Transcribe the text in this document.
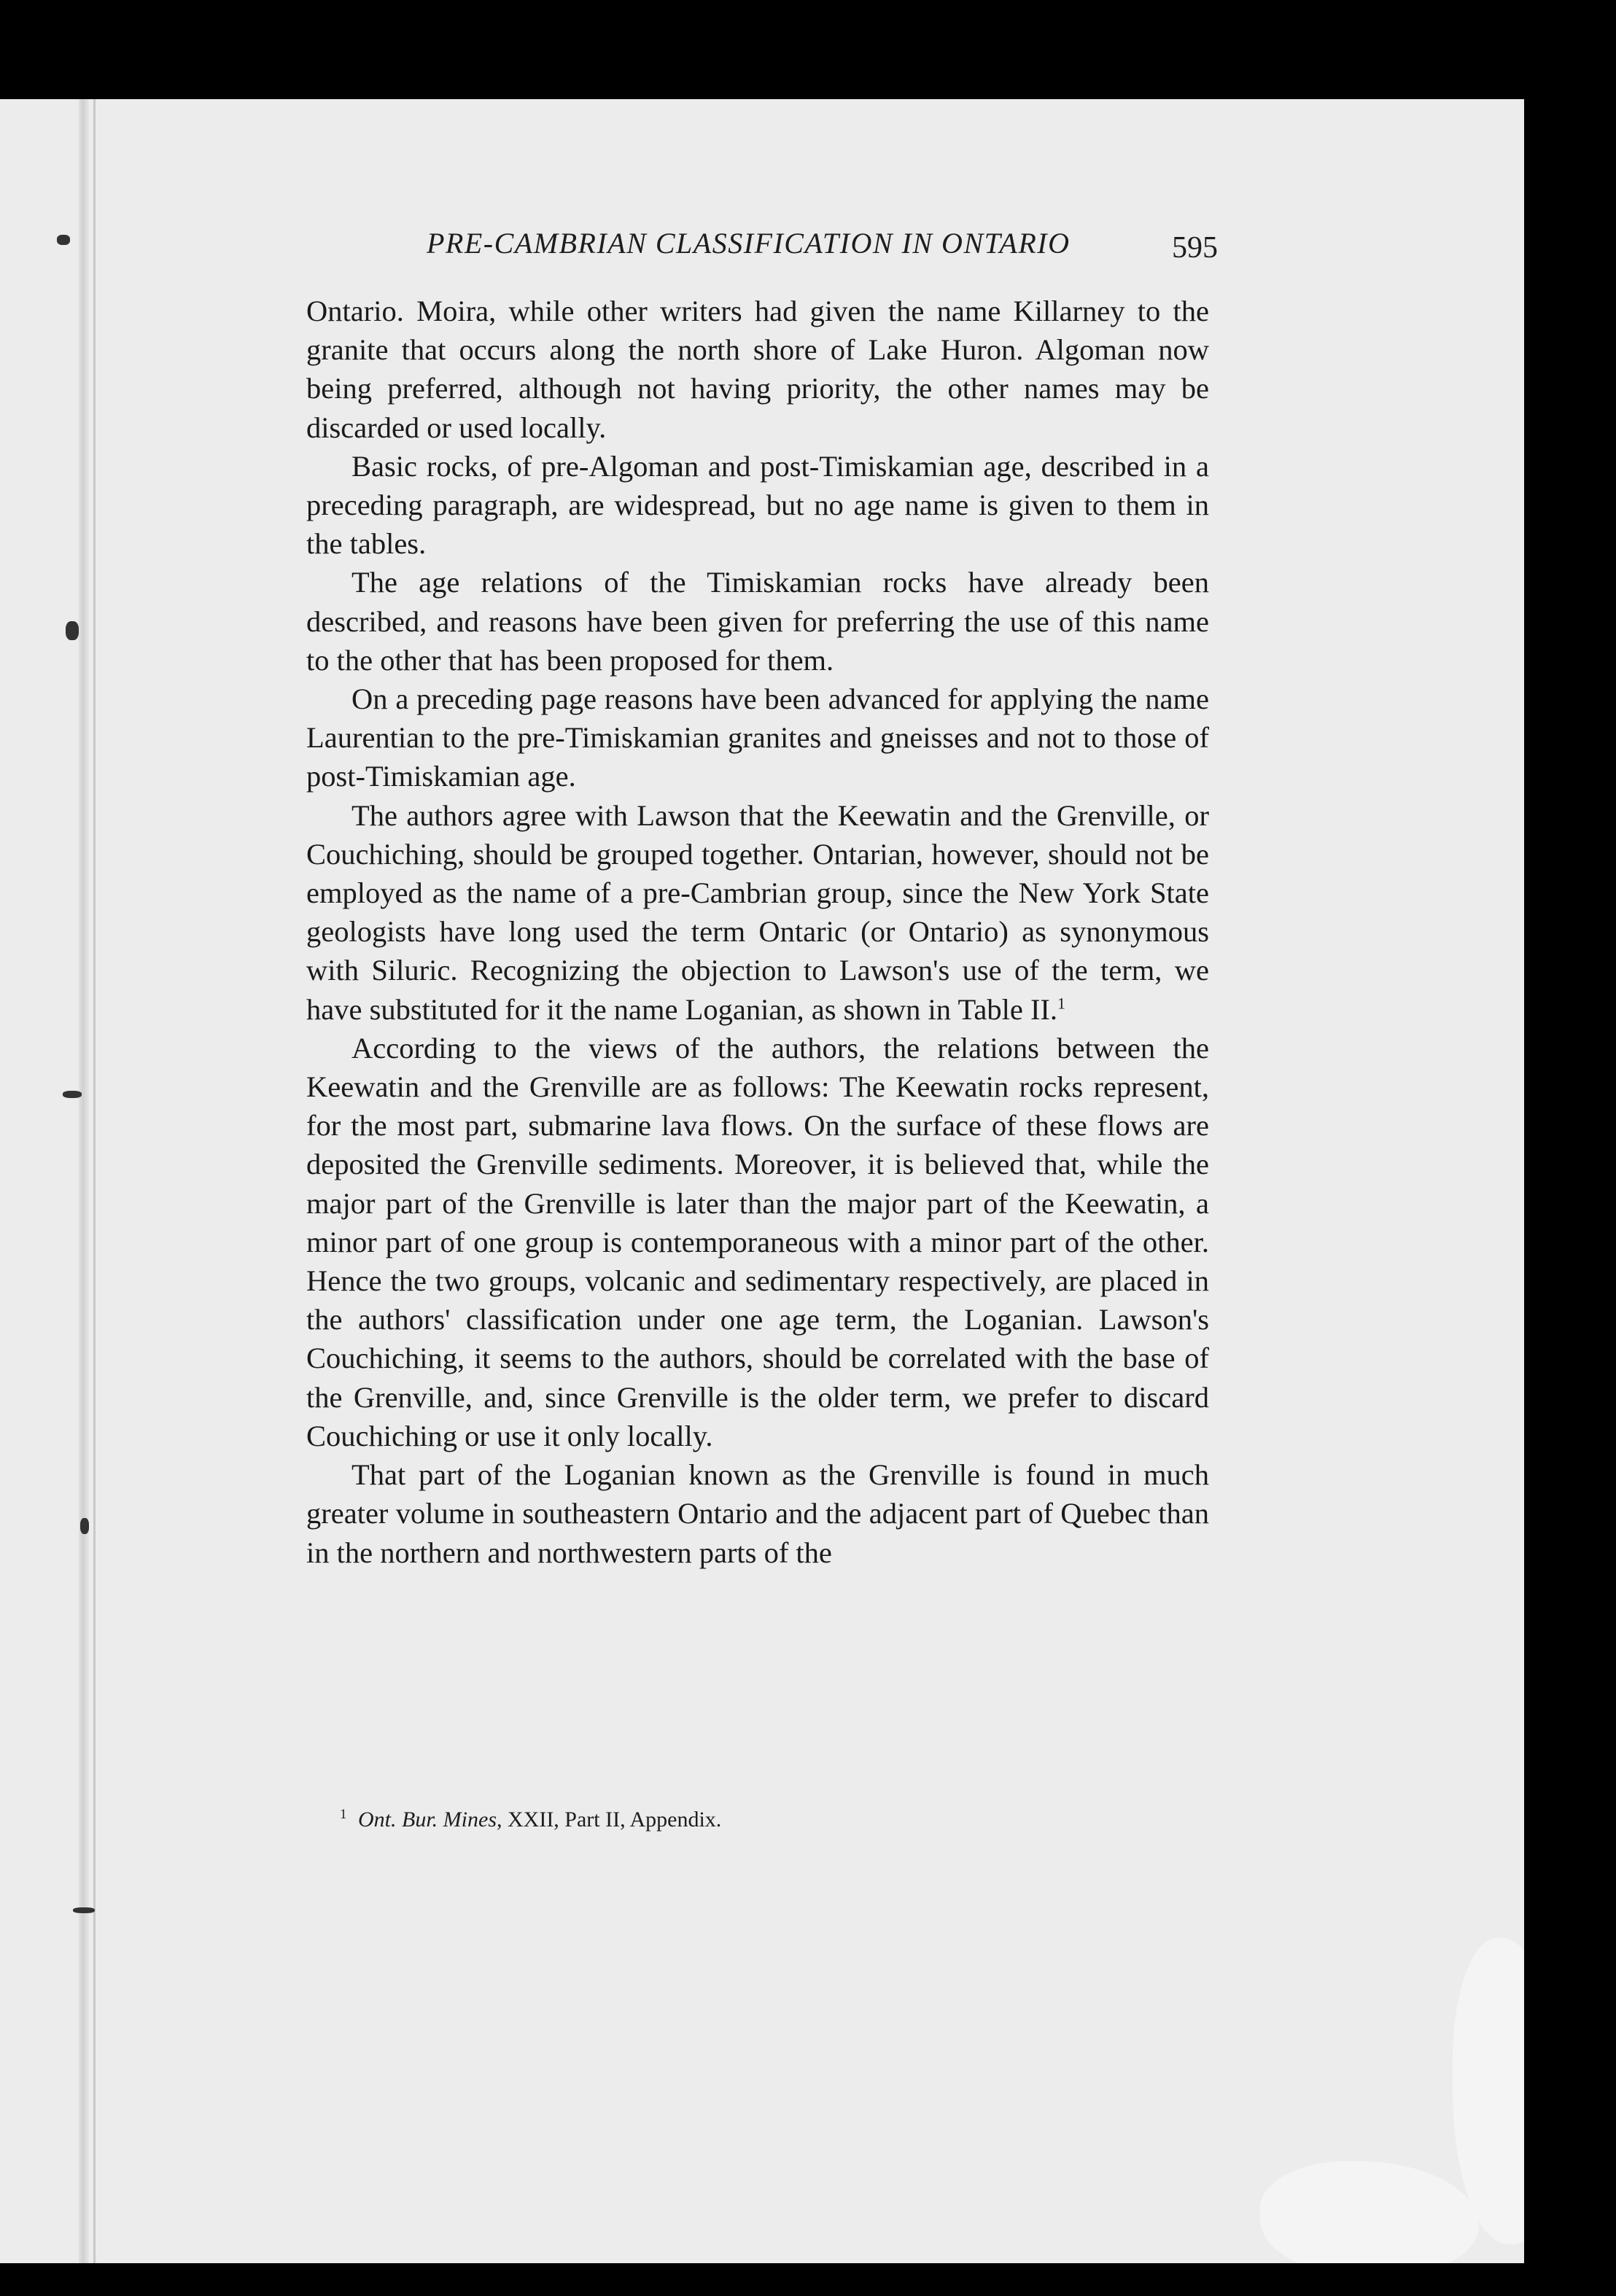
PRE-CAMBRIAN CLASSIFICATION IN ONTARIO	595

Ontario. Moira, while other writers had given the name Killarney to the granite that occurs along the north shore of Lake Huron. Algoman now being preferred, although not having priority, the other names may be discarded or used locally.

Basic rocks, of pre-Algoman and post-Timiskamian age, described in a preceding paragraph, are widespread, but no age name is given to them in the tables.

The age relations of the Timiskamian rocks have already been described, and reasons have been given for preferring the use of this name to the other that has been proposed for them.

On a preceding page reasons have been advanced for applying the name Laurentian to the pre-Timiskamian granites and gneisses and not to those of post-Timiskamian age.

The authors agree with Lawson that the Keewatin and the Grenville, or Couchiching, should be grouped together. Ontarian, however, should not be employed as the name of a pre-Cambrian group, since the New York State geologists have long used the term Ontaric (or Ontario) as synonymous with Siluric. Recognizing the objection to Lawson's use of the term, we have substituted for it the name Loganian, as shown in Table II.$^1$

According to the views of the authors, the relations between the Keewatin and the Grenville are as follows: The Keewatin rocks represent, for the most part, submarine lava flows. On the surface of these flows are deposited the Grenville sediments. Moreover, it is believed that, while the major part of the Grenville is later than the major part of the Keewatin, a minor part of one group is contemporaneous with a minor part of the other. Hence the two groups, volcanic and sedimentary respectively, are placed in the authors' classification under one age term, the Loganian. Lawson's Couchiching, it seems to the authors, should be correlated with the base of the Grenville, and, since Grenville is the older term, we prefer to discard Couchiching or use it only locally.

That part of the Loganian known as the Grenville is found in much greater volume in southeastern Ontario and the adjacent part of Quebec than in the northern and northwestern parts of the

$^1$ Ont. Bur. Mines, XXII, Part II, Appendix.
